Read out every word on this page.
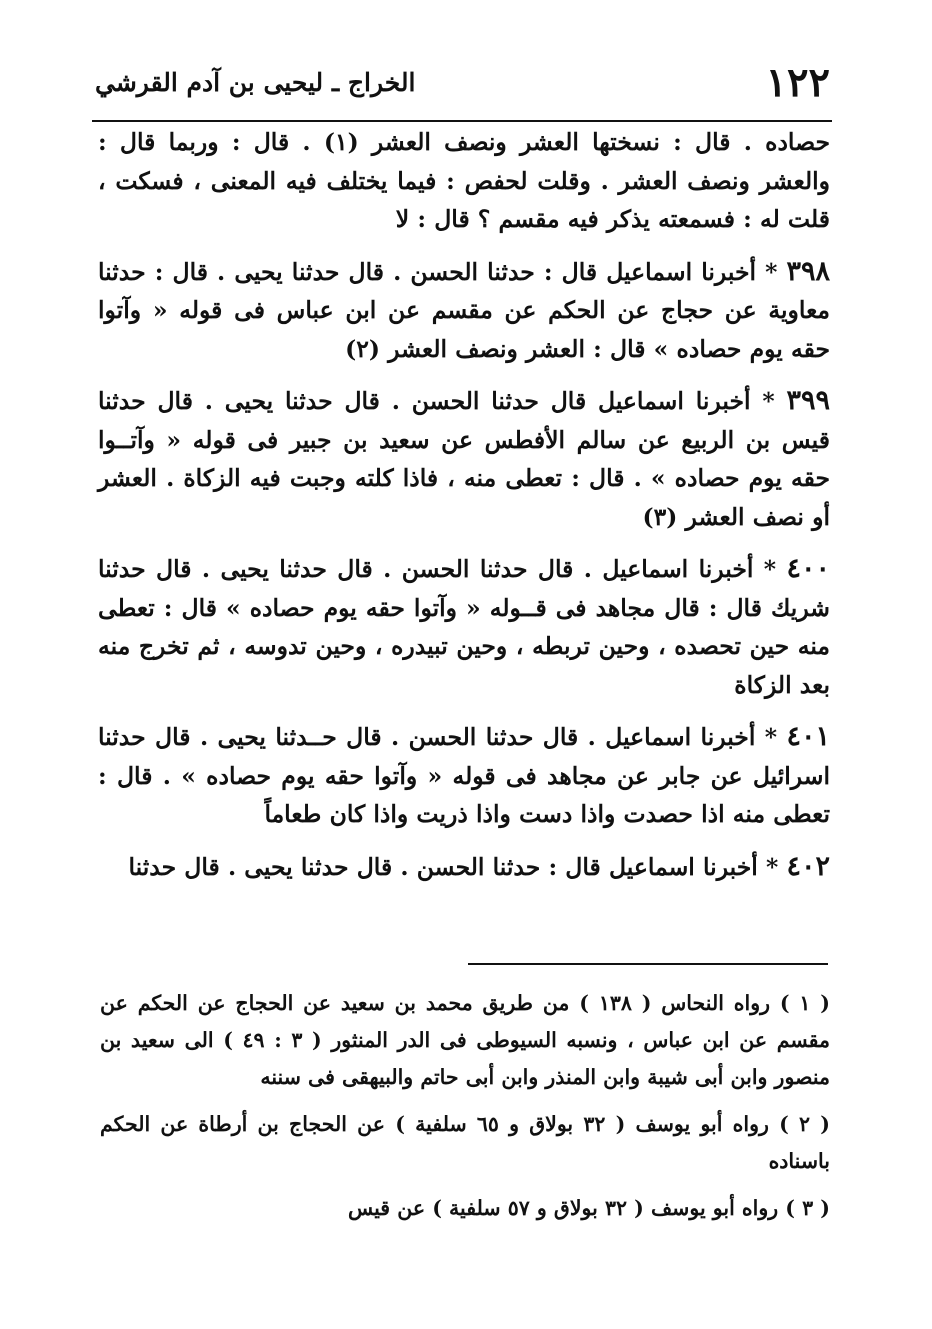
١٢٢
الخراج ـ ليحيى بن آدم القرشي

حصاده . قال : نسختها العشر ونصف العشر (١) . قال : وربما قال : والعشر ونصف العشر . وقلت لحفص : فيما يختلف فيه المعنى ، فسكت ، قلت له : فسمعته يذكر فيه مقسم ؟ قال : لا

٣٩٨ * أخبرنا اسماعيل قال : حدثنا الحسن . قال حدثنا يحيى . قال : حدثنا معاوية عن حجاج عن الحكم عن مقسم عن ابن عباس فى قوله « وآتوا حقه يوم حصاده » قال : العشر ونصف العشر (٢)

٣٩٩ * أخبرنا اسماعيل قال حدثنا الحسن . قال حدثنا يحيى . قال حدثنا قيس بن الربيع عن سالم الأفطس عن سعيد بن جبير فى قوله « وآتــوا حقه يوم حصاده » . قال : تعطى منه ، فاذا كلته وجبت فيه الزكاة . العشر أو نصف العشر (٣)

٤٠٠ * أخبرنا اسماعيل . قال حدثنا الحسن . قال حدثنا يحيى . قال حدثنا شريك قال : قال مجاهد فى قــوله « وآتوا حقه يوم حصاده » قال : تعطى منه حين تحصده ، وحين تربطه ، وحين تبيدره ، وحين تدوسه ، ثم تخرج منه بعد الزكاة

٤٠١ * أخبرنا اسماعيل . قال حدثنا الحسن . قال حــدثنا يحيى . قال حدثنا اسرائيل عن جابر عن مجاهد فى قوله « وآتوا حقه يوم حصاده » . قال : تعطى منه اذا حصدت واذا دست واذا ذريت واذا كان طعاماً

٤٠٢ * أخبرنا اسماعيل قال : حدثنا الحسن . قال حدثنا يحيى . قال حدثنا

( ١ ) رواه النحاس ( ١٣٨ ) من طريق محمد بن سعيد عن الحجاج عن الحكم عن مقسم عن ابن عباس ، ونسبه السيوطى فى الدر المنثور ( ٣ : ٤٩ ) الى سعيد بن منصور وابن أبى شيبة وابن المنذر وابن أبى حاتم والبيهقى فى سننه

( ٢ ) رواه أبو يوسف ( ٣٢ بولاق و ٦٥ سلفية ) عن الحجاج بن أرطاة عن الحكم باسناده

( ٣ ) رواه أبو يوسف ( ٣٢ بولاق و ٥٧ سلفية ) عن قيس
